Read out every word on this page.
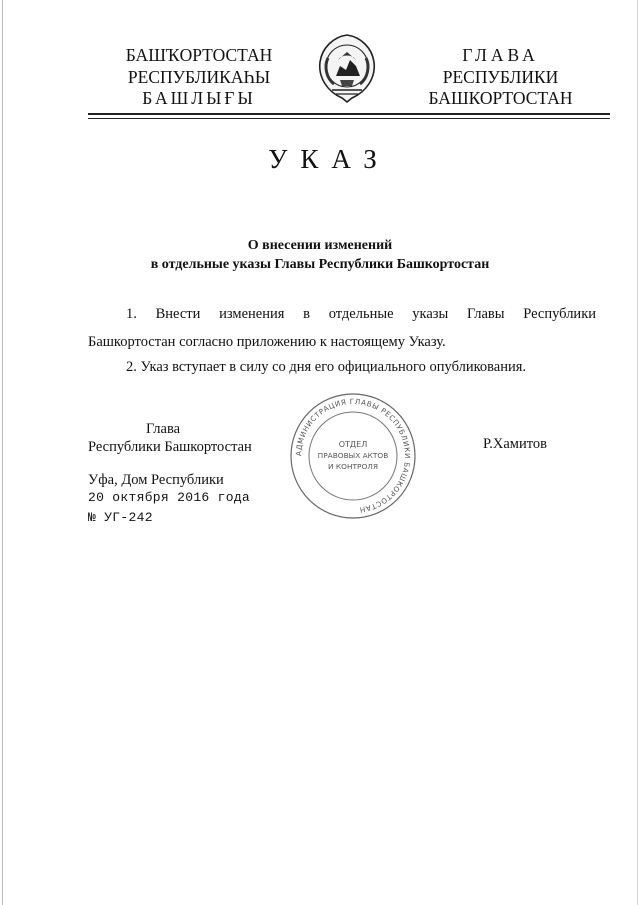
БАШҠОРТОСТАН
РЕСПУБЛИКАҺЫ
БАШЛЫҒЫ
ГЛАВА
РЕСПУБЛИКИ
БАШКОРТОСТАН
УКАЗ
О внесении изменений
в отдельные указы Главы Республики Башкортостан
1. Внести изменения в отдельные указы Главы Республики
Башкортостан согласно приложению к настоящему Указу.
2. Указ вступает в силу со дня его официального опубликования.
Глава
Республики Башкортостан	АДМИНИСТРАЦИЯ ГЛАВЫ РЕСПУБЛИКИ БАШКОРТОСТАН
ОТДЕЛ
ПРАВОВЫХ АКТОВ
И КОНТРОЛЯ
Р.Хамитов
Уфа, Дом Республики
20 октября 2016 года
№ УГ-242
